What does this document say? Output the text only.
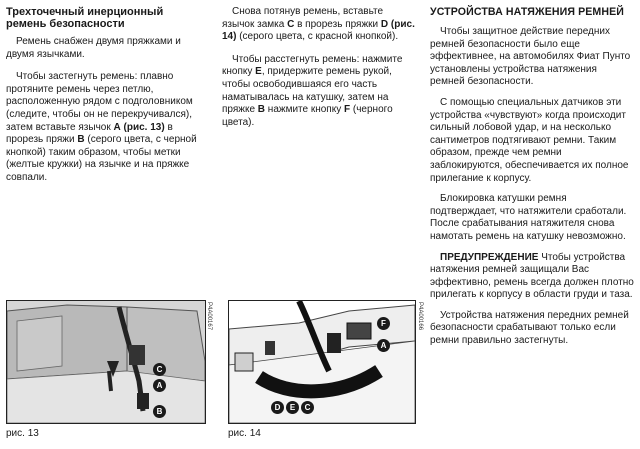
Трехточечный инерционный ремень безопасности

Ремень снабжен двумя пряжками и двумя язычками.

Чтобы застегнуть ремень: плавно протяните ремень через петлю, расположенную рядом с подголовником (следите, чтобы он не перекручивался), затем вставьте язычок A (рис. 13) в прорезь пряжи B (серого цвета, с черной кнопкой) таким образом, чтобы метки (желтые кружки) на язычке и на пряжке совпали.

Снова потянув ремень, вставьте язычок замка C в прорезь пряжки D (рис. 14) (серого цвета, с красной кнопкой).

Чтобы расстегнуть ремень: нажмите кнопку E, придержите ремень рукой, чтобы освободившаяся его часть наматывалась на катушку, затем на пряжке B нажмите кнопку F (черного цвета).

УСТРОЙСТВА НАТЯЖЕНИЯ РЕМНЕЙ

Чтобы защитное действие передних ремней безопасности было еще эффективнее, на автомобилях Фиат Пунто установлены устройства натяжения ремней безопасности.

С помощью специальных датчиков эти устройства «чувствуют» когда происходит сильный лобовой удар, и на несколько сантиметров подтягивают ремни. Таким образом, прежде чем ремни заблокируются, обеспечивается их полное прилегание к корпусу.

Блокировка катушки ремня подтверждает, что натяжители сработали. После срабатывания натяжителя снова намотать ремень на катушку невозможно.

ПРЕДУПРЕЖДЕНИЕ Чтобы устройства натяжения ремней защищали Вас эффективно, ремень всегда должен плотно прилегать к корпусу в области груди и таза.

Устройства натяжения передних ремней безопасности срабатывают только если ремни правильно застегнуты.

C
A
B
P4A00167
рис. 13
F
A
D	E	C
P4A00166
рис. 14
